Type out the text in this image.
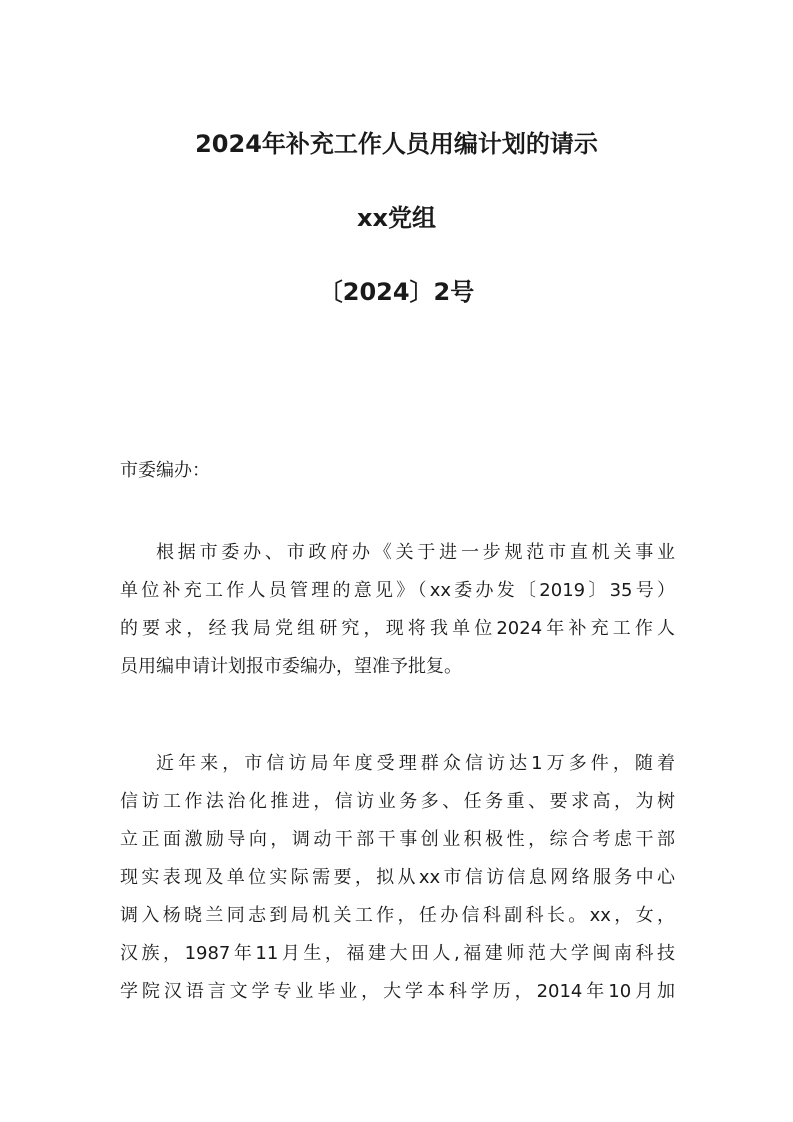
2024年补充工作人员用编计划的请示
xx党组
〔2024〕2号

市委编办：

根据市委办、市政府办《关于进一步规范市直机关事业
单位补充工作人员管理的意见》（xx委办发〔2019〕35号）
的要求，经我局党组研究，现将我单位2024年补充工作人
员用编申请计划报市委编办，望准予批复。
近年来，市信访局年度受理群众信访达1万多件，随着
信访工作法治化推进，信访业务多、任务重、要求高，为树
立正面激励导向，调动干部干事创业积极性，综合考虑干部
现实表现及单位实际需要，拟从xx市信访信息网络服务中心
调入杨晓兰同志到局机关工作，任办信科副科长。xx，女，
汉族，1987年11月生，福建大田人,福建师范大学闽南科技
学院汉语言文学专业毕业，大学本科学历，2014年10月加
